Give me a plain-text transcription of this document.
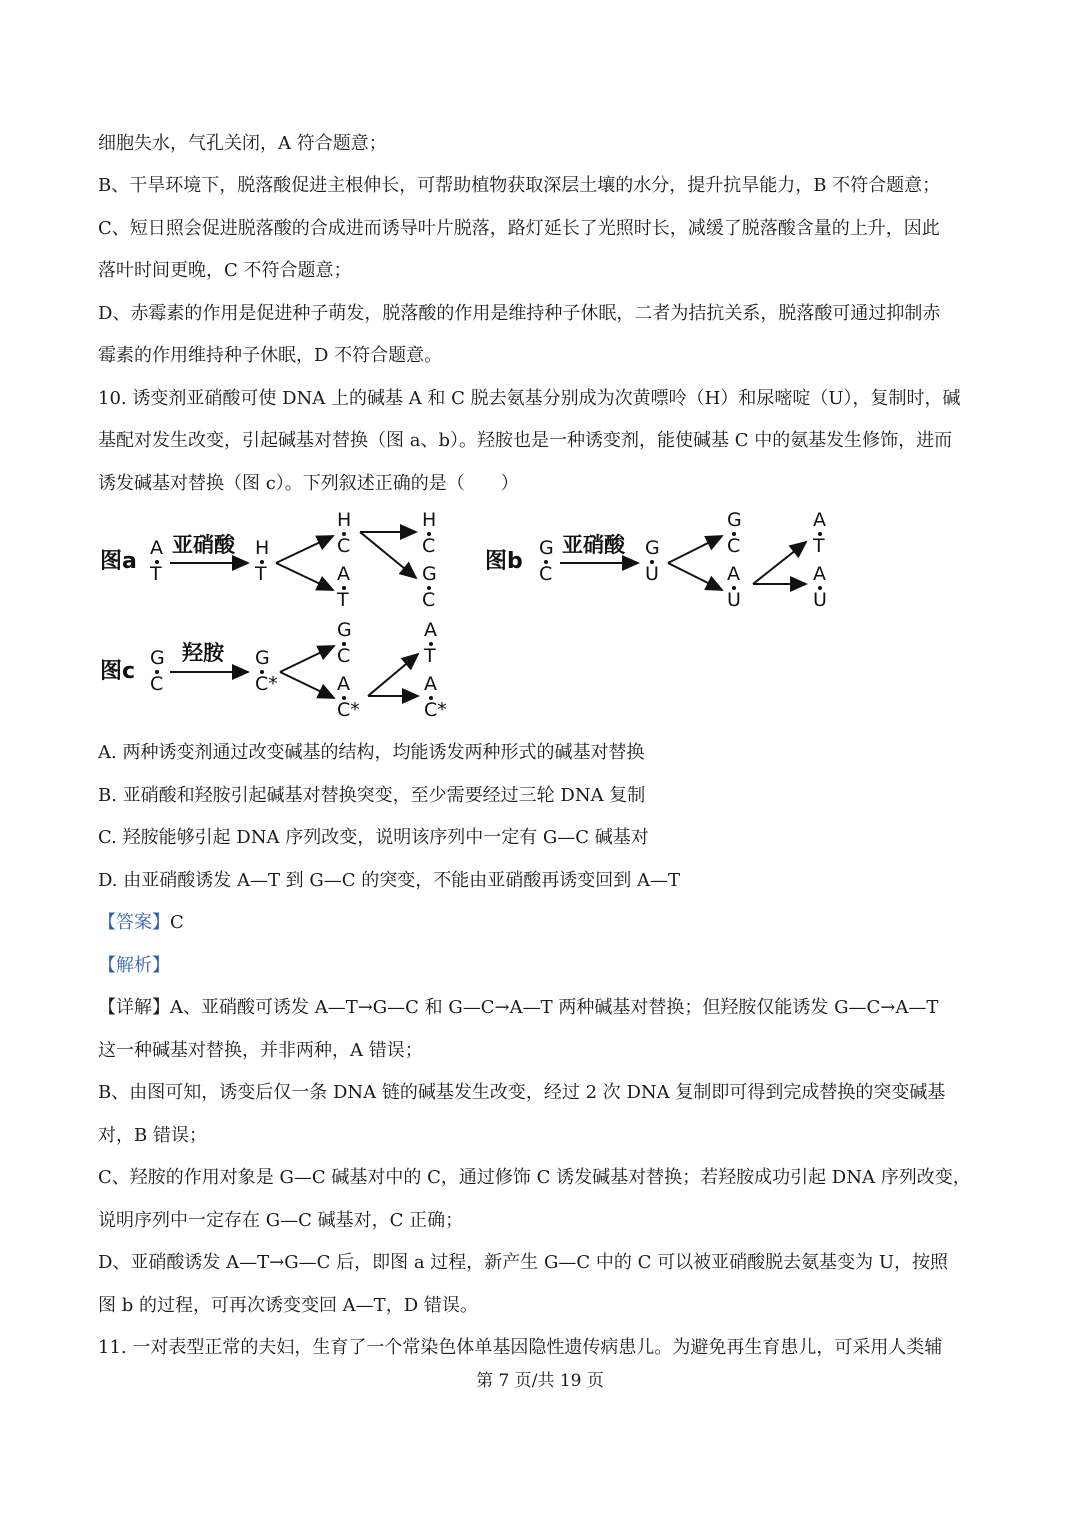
细胞失水，气孔关闭，A 符合题意；
B、干旱环境下，脱落酸促进主根伸长，可帮助植物获取深层土壤的水分，提升抗旱能力，B 不符合题意；
C、短日照会促进脱落酸的合成进而诱导叶片脱落，路灯延长了光照时长，减缓了脱落酸含量的上升，因此
落叶时间更晚，C 不符合题意；
D、赤霉素的作用是促进种子萌发，脱落酸的作用是维持种子休眠，二者为拮抗关系，脱落酸可通过抑制赤
霉素的作用维持种子休眠，D 不符合题意。
10. 诱变剂亚硝酸可使 DNA 上的碱基 A 和 C 脱去氨基分别成为次黄嘌呤（H）和尿嘧啶（U），复制时，碱
基配对发生改变，引起碱基对替换（图 a、b）。羟胺也是一种诱变剂，能使碱基 C 中的氨基发生修饰，进而
诱发碱基对替换（图 c）。下列叙述正确的是（　　）
图a
A
T
亚硝酸 H
T
H
C
A
T
H
C
G
C
图b
G
C
亚硝酸 G
U
G
C
A
U
A
T
A
U
图c
G
C
羟胺 G
C*
G
C
A
C*
A
T
A
C*
A. 两种诱变剂通过改变碱基的结构，均能诱发两种形式的碱基对替换
B. 亚硝酸和羟胺引起碱基对替换突变，至少需要经过三轮 DNA 复制
C. 羟胺能够引起 DNA 序列改变，说明该序列中一定有 G—C 碱基对
D. 由亚硝酸诱发 A—T 到 G—C 的突变，不能由亚硝酸再诱变回到 A—T
【答案】C
【解析】
【详解】A、亚硝酸可诱发 A—T→G—C 和 G—C→A—T 两种碱基对替换；但羟胺仅能诱发 G—C→A—T
这一种碱基对替换，并非两种，A 错误；
B、由图可知，诱变后仅一条 DNA 链的碱基发生改变，经过 2 次 DNA 复制即可得到完成替换的突变碱基
对，B 错误；
C、羟胺的作用对象是 G—C 碱基对中的 C，通过修饰 C 诱发碱基对替换；若羟胺成功引起 DNA 序列改变，
说明序列中一定存在 G—C 碱基对，C 正确；
D、亚硝酸诱发 A—T→G—C 后，即图 a 过程，新产生 G—C 中的 C 可以被亚硝酸脱去氨基变为 U，按照
图 b 的过程，可再次诱变变回 A—T，D 错误。
11. 一对表型正常的夫妇，生育了一个常染色体单基因隐性遗传病患儿。为避免再生育患儿，可采用人类辅
第 7 页/共 19 页
